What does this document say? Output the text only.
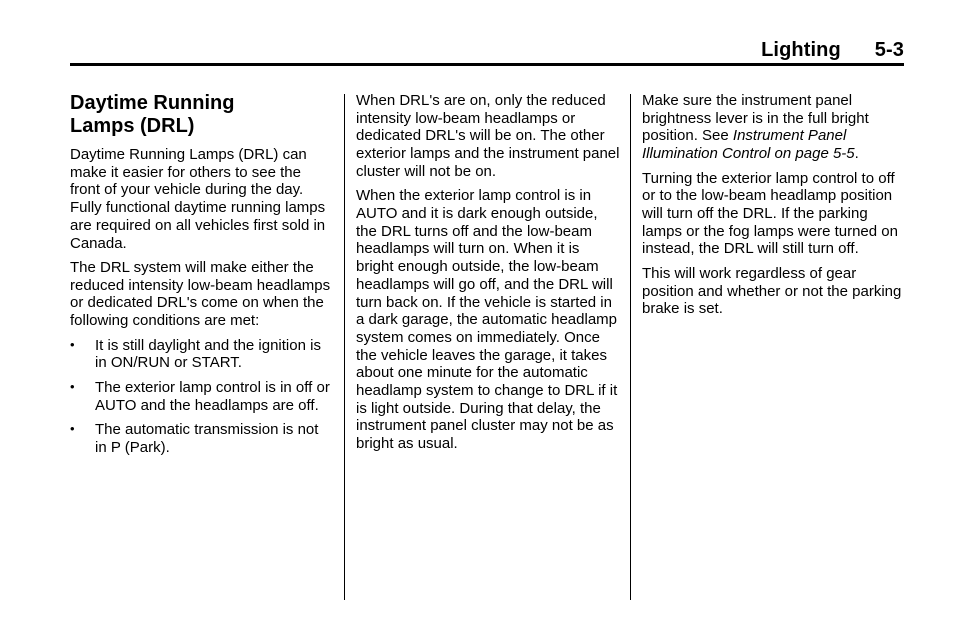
Lighting 5-3
Daytime Running
Lamps (DRL)

Daytime Running Lamps (DRL) can make it easier for others to see the front of your vehicle during the day. Fully functional daytime running lamps are required on all vehicles first sold in Canada.

The DRL system will make either the reduced intensity low-beam headlamps or dedicated DRL's come on when the following conditions are met:

• It is still daylight and the ignition is in ON/RUN or START.
• The exterior lamp control is in off or AUTO and the headlamps are off.
• The automatic transmission is not in P (Park).

When DRL's are on, only the reduced intensity low-beam headlamps or dedicated DRL's will be on. The other exterior lamps and the instrument panel cluster will not be on.

When the exterior lamp control is in AUTO and it is dark enough outside, the DRL turns off and the low-beam headlamps will turn on. When it is bright enough outside, the low-beam headlamps will go off, and the DRL will turn back on. If the vehicle is started in a dark garage, the automatic headlamp system comes on immediately. Once the vehicle leaves the garage, it takes about one minute for the automatic headlamp system to change to DRL if it is light outside. During that delay, the instrument panel cluster may not be as bright as usual.

Make sure the instrument panel brightness lever is in the full bright position. See Instrument Panel Illumination Control on page 5-5.

Turning the exterior lamp control to off or to the low-beam headlamp position will turn off the DRL. If the parking lamps or the fog lamps were turned on instead, the DRL will still turn off.

This will work regardless of gear position and whether or not the parking brake is set.
